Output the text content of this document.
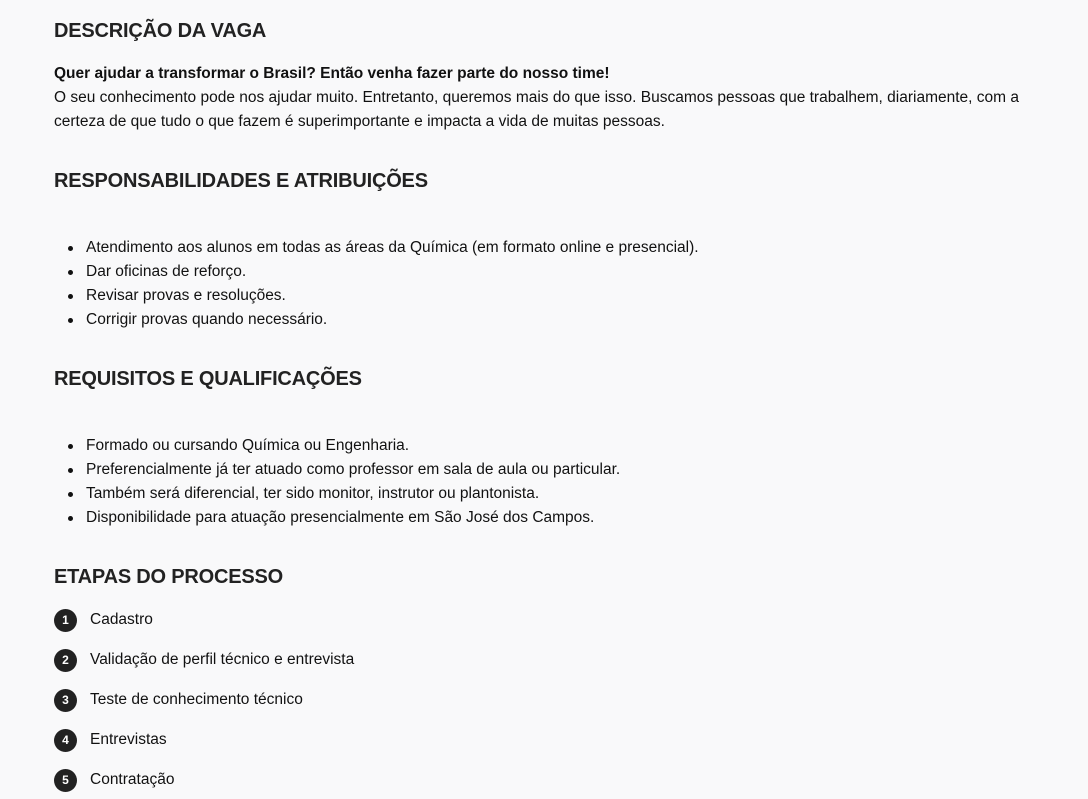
DESCRIÇÃO DA VAGA

Quer ajudar a transformar o Brasil? Então venha fazer parte do nosso time!

O seu conhecimento pode nos ajudar muito. Entretanto, queremos mais do que isso. Buscamos pessoas que trabalhem, diariamente, com a certeza de que tudo o que fazem é superimportante e impacta a vida de muitas pessoas.

RESPONSABILIDADES E ATRIBUIÇÕES
Atendimento aos alunos em todas as áreas da Química (em formato online e presencial).
Dar oficinas de reforço.
Revisar provas e resoluções.
Corrigir provas quando necessário.
REQUISITOS E QUALIFICAÇÕES
Formado ou cursando Química ou Engenharia.
Preferencialmente já ter atuado como professor em sala de aula ou particular.
Também será diferencial, ter sido monitor, instrutor ou plantonista.
Disponibilidade para atuação presencialmente em São José dos Campos.
ETAPAS DO PROCESSO
1	Cadastro
2	Validação de perfil técnico e entrevista
3	Teste de conhecimento técnico
4	Entrevistas
5	Contratação
